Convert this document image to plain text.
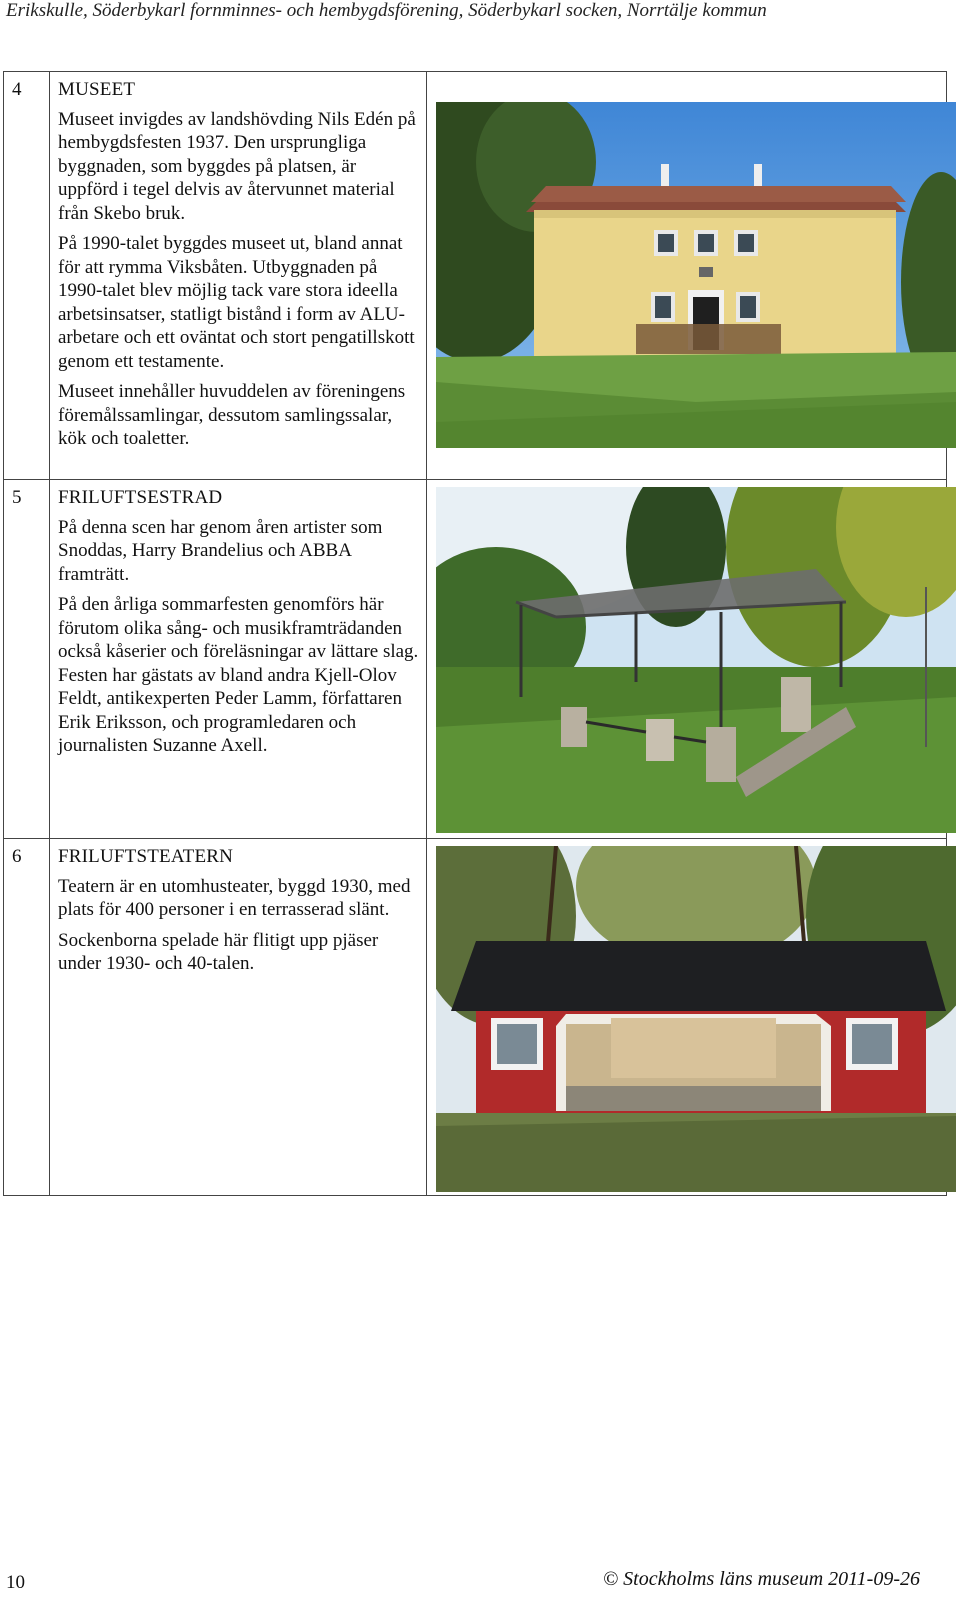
Erikskulle, Söderbykarl fornminnes- och hembygdsförening, Söderbykarl socken, Norrtälje kommun
4	MUSEET

Museet invigdes av landshövding Nils Edén på hembygdsfesten 1937. Den ursprungliga byggnaden, som byggdes på platsen, är uppförd i tegel delvis av återvunnet material från Skebo bruk.

På 1990-talet byggdes museet ut, bland annat för att rymma Viksbåten. Utbyggnaden på 1990-talet blev möjlig tack vare stora ideella arbetsinsatser, statligt bistånd i form av ALU-arbetare och ett oväntat och stort pengatillskott genom ett testamente.

Museet innehåller huvuddelen av föreningens föremålssamlingar, dessutom samlingssalar, kök och toaletter.

5	FRILUFTSESTRAD

På denna scen har genom åren artister som Snoddas, Harry Brandelius och ABBA framträtt.

På den årliga sommarfesten genomförs här förutom olika sång- och musikframträdanden också kåserier och föreläsningar av lättare slag. Festen har gästats av bland andra Kjell-Olov Feldt, antikexperten Peder Lamm, författaren Erik Eriksson, och programledaren och journalisten Suzanne Axell.

6	FRILUFTSTEATERN

Teatern är en utomhusteater, byggd 1930, med plats för 400 personer i en terrasserad slänt.

Sockenborna spelade här flitigt upp pjäser under 1930- och 40-talen.

10	© Stockholms läns museum 2011-09-26
